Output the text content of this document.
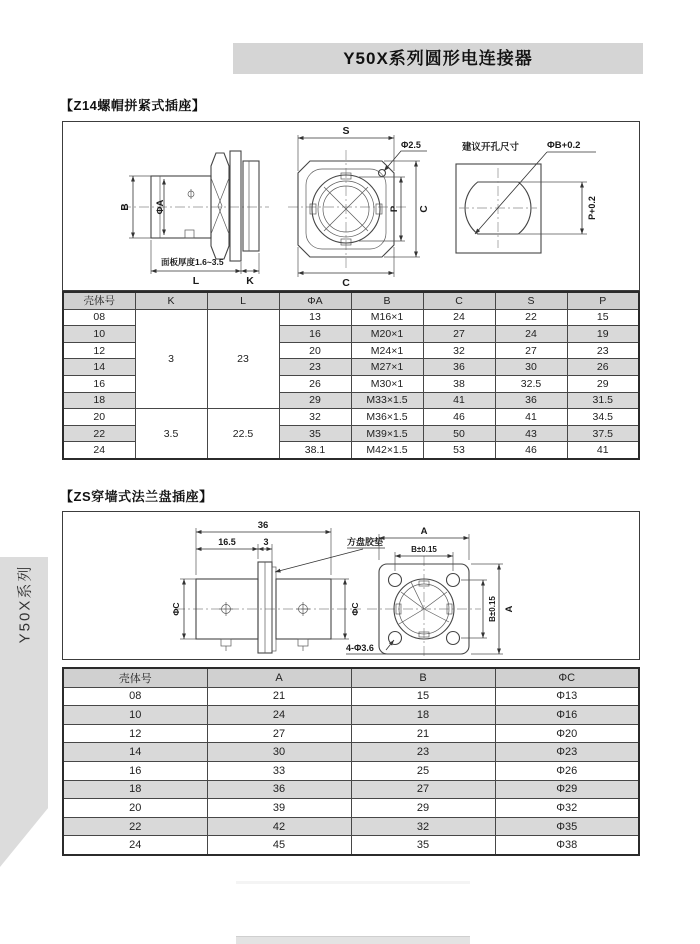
Y50X系列圆形电连接器
【Z14螺帽拼紧式插座】
B	ΦA
面板厚度1.6~3.5
L	K
Φ2.5
S
P C
C
建议开孔尺寸	ΦB+0.2
P+0.2
壳体号	K	L	ΦA	B	C	S	P
08	3	23	13	M16×1	24	22	15
10			16	M20×1	27	24	19
12			20	M24×1	32	27	23
14			23	M27×1	36	30	26
16			26	M30×1	38	32.5	29
18			29	M33×1.5	41	36	31.5
20	3.5	22.5	32	M36×1.5	46	41	34.5
22			35	M39×1.5	50	43	37.5
24			38.1	M42×1.5	53	46	41
【ZS穿墙式法兰盘插座】
36
16.5	3
ΦC	ΦC
方盘胶垫
4-Φ3.6
A
B±0.15
B±0.15 A
壳体号	A	B	ΦC
08	21	15	Φ13
10	24	18	Φ16
12	27	21	Φ20
14	30	23	Φ23
16	33	25	Φ26
18	36	27	Φ29
20	39	29	Φ32
22	42	32	Φ35
24	45	35	Φ38
Y50X系列
